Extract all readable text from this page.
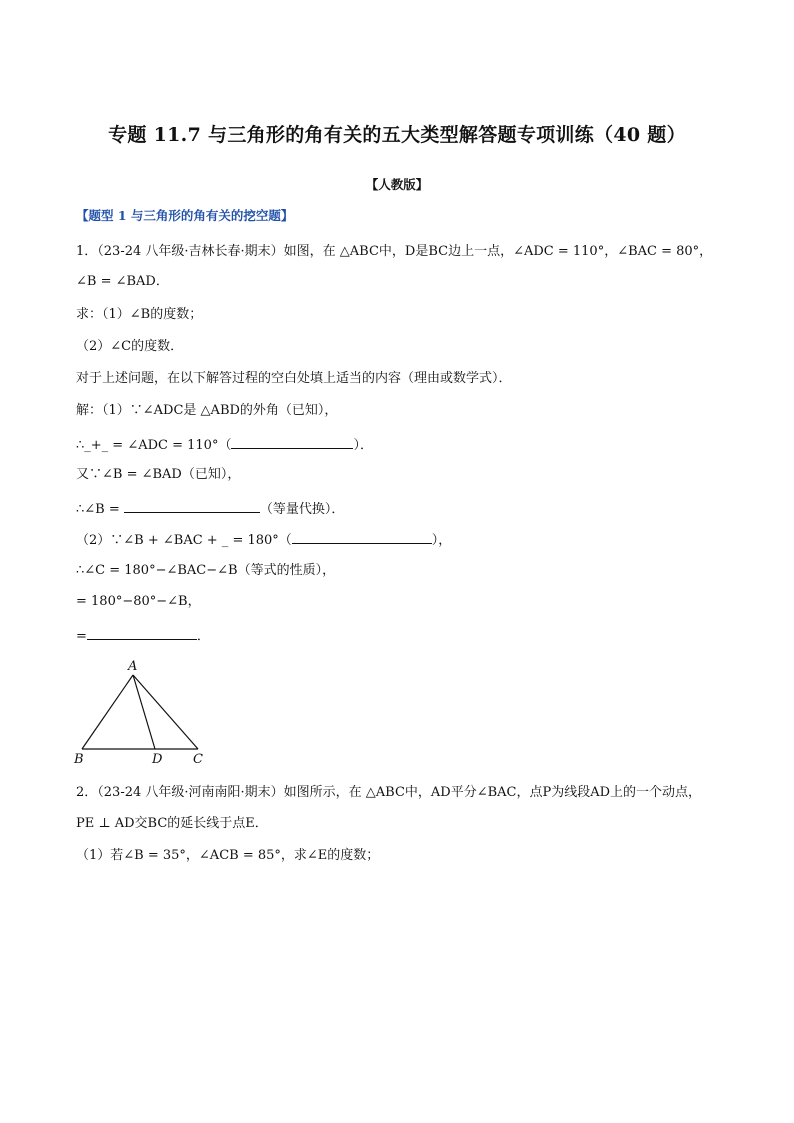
专题 11.7 与三角形的角有关的五大类型解答题专项训练（40 题）
【人教版】
【题型 1 与三角形的角有关的挖空题】
1．（23-24 八年级·吉林长春·期末）如图，在 △ABC中，D是BC边上一点，∠ADC = 110°，∠BAC = 80°，
∠B = ∠BAD．
求：（1）∠B的度数；
（2）∠C的度数．
对于上述问题，在以下解答过程的空白处填上适当的内容（理由或数学式）．
解：（1）∵∠ADC是 △ABD的外角（已知），
∴_+_ = ∠ADC = 110°（	）．
又∵∠B = ∠BAD（已知），
∴∠B =	（等量代换）．
（2）∵∠B + ∠BAC + _ = 180°（	），
∴∠C = 180°−∠BAC−∠B（等式的性质），
= 180°−80°−∠B，
=	．
A
B	D C
2．（23-24 八年级·河南南阳·期末）如图所示，在 △ABC中，AD平分∠BAC，点P为线段AD上的一个动点，
PE ⊥ AD交BC的延长线于点E．
（1）若∠B = 35°，∠ACB = 85°，求∠E的度数；
